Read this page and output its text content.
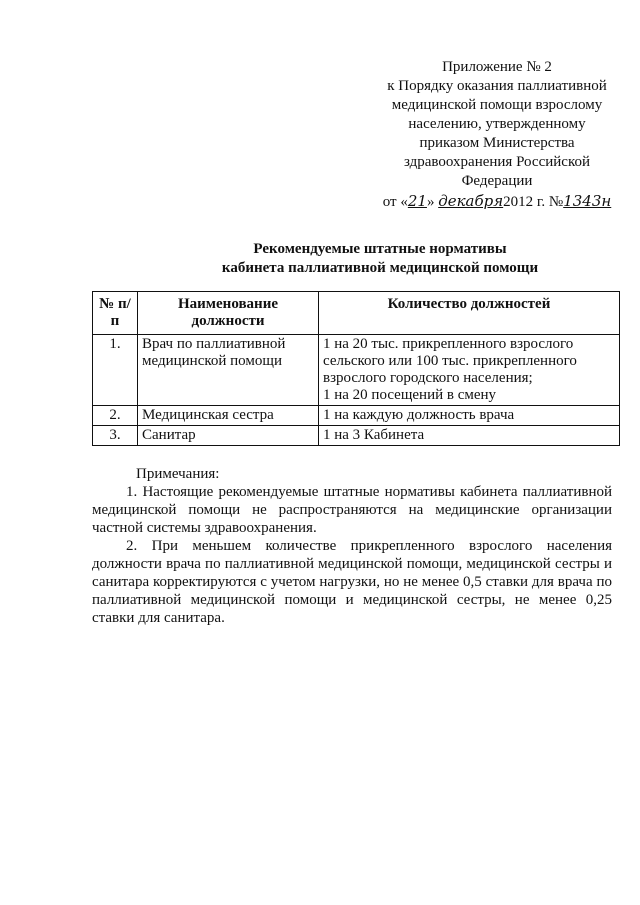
Приложение № 2
к Порядку оказания паллиативной
медицинской помощи взрослому
населению, утвержденному
приказом Министерства
здравоохранения Российской
Федерации
от «21» декабря2012 г. №1343н
Рекомендуемые штатные нормативы
кабинета паллиативной медицинской помощи
№ п/п	Наименование должности	Количество должностей
1.	Врач по паллиативной медицинской помощи	1 на 20 тыс. прикрепленного взрослого сельского или 100 тыс. прикрепленного взрослого городского населения;
1 на 20 посещений в смену
2.	Медицинская сестра	1 на каждую должность врача
3.	Санитар	1 на 3 Кабинета
Примечания:

1. Настоящие рекомендуемые штатные нормативы кабинета паллиативной медицинской помощи не распространяются на медицинские организации частной системы здравоохранения.

2. При меньшем количестве прикрепленного взрослого населения должности врача по паллиативной медицинской помощи, медицинской сестры и санитара корректируются с учетом нагрузки, но не менее 0,5 ставки для врача по паллиативной медицинской помощи и медицинской сестры, не менее 0,25 ставки для санитара.
